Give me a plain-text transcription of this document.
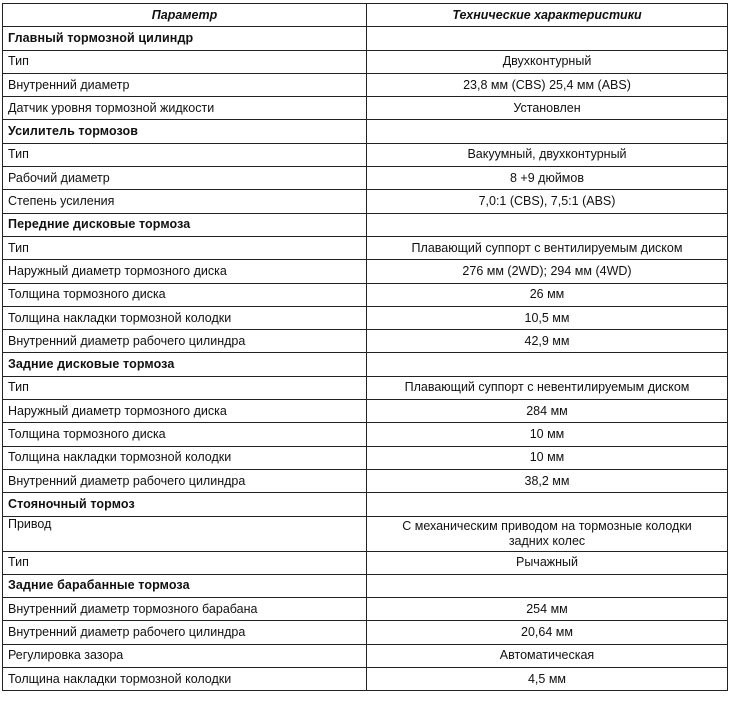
Параметр	Технические характеристики
Главный тормозной цилиндр	
Тип	Двухконтурный
Внутренний диаметр	23,8 мм (CBS) 25,4 мм (ABS)
Датчик уровня тормозной жидкости	Установлен
Усилитель тормозов	
Тип	Вакуумный, двухконтурный
Рабочий диаметр	8 +9 дюймов
Степень усиления	7,0:1 (CBS), 7,5:1 (ABS)
Передние дисковые тормоза	
Тип	Плавающий суппорт с вентилируемым диском
Наружный диаметр тормозного диска	276 мм (2WD); 294 мм (4WD)
Толщина тормозного диска	26 мм
Толщина накладки тормозной колодки	10,5 мм
Внутренний диаметр рабочего цилиндра	42,9 мм
Задние дисковые тормоза	
Тип	Плавающий суппорт с невентилируемым диском
Наружный диаметр тормозного диска	284 мм
Толщина тормозного диска	10 мм
Толщина накладки тормозной колодки	10 мм
Внутренний диаметр рабочего цилиндра	38,2 мм
Стояночный тормоз	
Привод	С механическим приводом на тормозные колодки
задних колес

Тип	Рычажный
Задние барабанные тормоза	
Внутренний диаметр тормозного барабана	254 мм
Внутренний диаметр рабочего цилиндра	20,64 мм
Регулировка зазора	Автоматическая
Толщина накладки тормозной колодки	4,5 мм
